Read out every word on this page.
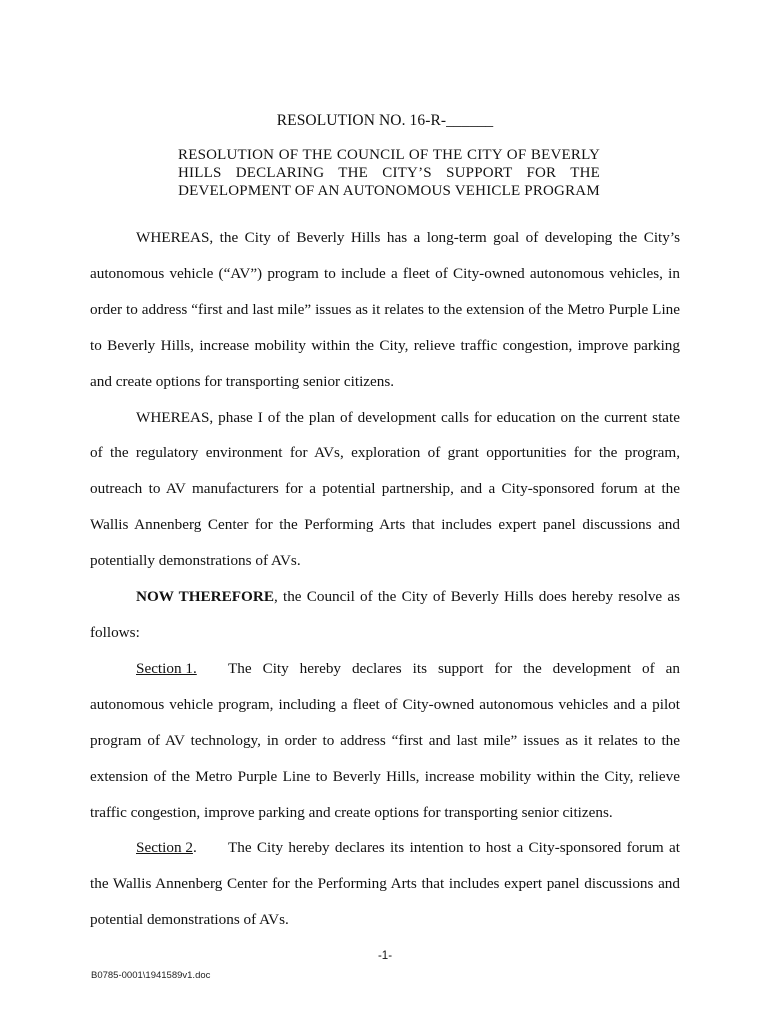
RESOLUTION NO. 16-R-______
RESOLUTION OF THE COUNCIL OF THE CITY OF BEVERLY HILLS DECLARING THE CITY’S SUPPORT FOR THE DEVELOPMENT OF AN AUTONOMOUS VEHICLE PROGRAM

WHEREAS, the City of Beverly Hills has a long-term goal of developing the City’s autonomous vehicle (“AV”) program to include a fleet of City-owned autonomous vehicles, in order to address “first and last mile” issues as it relates to the extension of the Metro Purple Line to Beverly Hills, increase mobility within the City, relieve traffic congestion, improve parking and create options for transporting senior citizens.

WHEREAS, phase I of the plan of development calls for education on the current state of the regulatory environment for AVs, exploration of grant opportunities for the program, outreach to AV manufacturers for a potential partnership, and a City-sponsored forum at the Wallis Annenberg Center for the Performing Arts that includes expert panel discussions and potentially demonstrations of AVs.

NOW THEREFORE, the Council of the City of Beverly Hills does hereby resolve as follows:

Section 1. The City hereby declares its support for the development of an autonomous vehicle program, including a fleet of City-owned autonomous vehicles and a pilot program of AV technology, in order to address “first and last mile” issues as it relates to the extension of the Metro Purple Line to Beverly Hills, increase mobility within the City, relieve traffic congestion, improve parking and create options for transporting senior citizens.

Section 2. The City hereby declares its intention to host a City-sponsored forum at the Wallis Annenberg Center for the Performing Arts that includes expert panel discussions and potential demonstrations of AVs.

-1-
B0785-0001\1941589v1.doc
